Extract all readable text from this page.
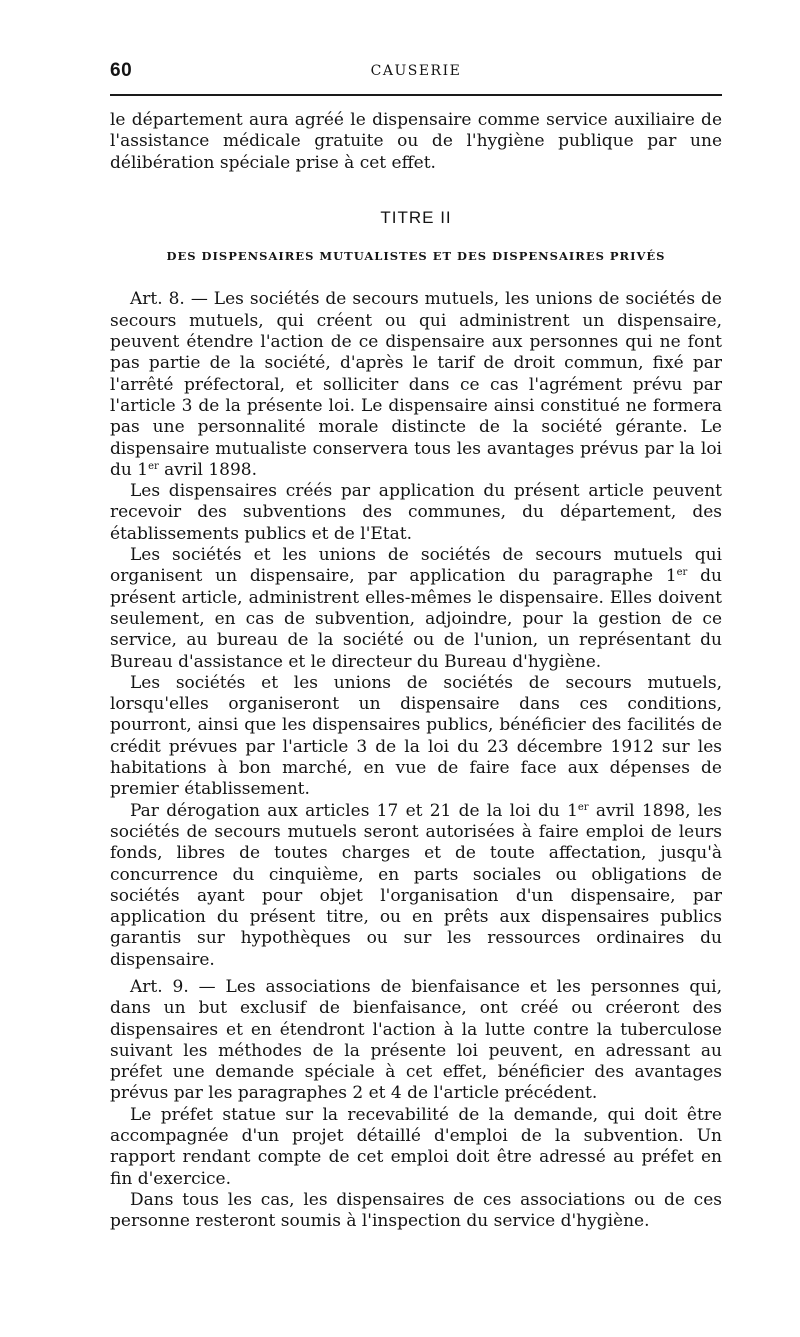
60	CAUSERIE

le département aura agréé le dispensaire comme service auxiliaire de l'assistance médicale gratuite ou de l'hygiène publique par une délibération spéciale prise à cet effet.

TITRE II

DES DISPENSAIRES MUTUALISTES ET DES DISPENSAIRES PRIVÉS

Art. 8. — Les sociétés de secours mutuels, les unions de sociétés de secours mutuels, qui créent ou qui administrent un dispensaire, peuvent étendre l'action de ce dispensaire aux personnes qui ne font pas partie de la société, d'après le tarif de droit commun, fixé par l'arrêté préfectoral, et solliciter dans ce cas l'agrément prévu par l'article 3 de la présente loi. Le dispensaire ainsi constitué ne formera pas une personnalité morale distincte de la société gérante. Le dispensaire mutualiste conservera tous les avantages prévus par la loi du 1er avril 1898.

Les dispensaires créés par application du présent article peuvent recevoir des subventions des communes, du département, des établissements publics et de l'Etat.

Les sociétés et les unions de sociétés de secours mutuels qui organisent un dispensaire, par application du paragraphe 1er du présent article, administrent elles-mêmes le dispensaire. Elles doivent seulement, en cas de subvention, adjoindre, pour la gestion de ce service, au bureau de la société ou de l'union, un représentant du Bureau d'assistance et le directeur du Bureau d'hygiène.

Les sociétés et les unions de sociétés de secours mutuels, lorsqu'elles organiseront un dispensaire dans ces conditions, pourront, ainsi que les dispensaires publics, bénéficier des facilités de crédit prévues par l'article 3 de la loi du 23 décembre 1912 sur les habitations à bon marché, en vue de faire face aux dépenses de premier établissement.

Par dérogation aux articles 17 et 21 de la loi du 1er avril 1898, les sociétés de secours mutuels seront autorisées à faire emploi de leurs fonds, libres de toutes charges et de toute affectation, jusqu'à concurrence du cinquième, en parts sociales ou obligations de sociétés ayant pour objet l'organisation d'un dispensaire, par application du présent titre, ou en prêts aux dispensaires publics garantis sur hypothèques ou sur les ressources ordinaires du dispensaire.

Art. 9. — Les associations de bienfaisance et les personnes qui, dans un but exclusif de bienfaisance, ont créé ou créeront des dispensaires et en étendront l'action à la lutte contre la tuberculose suivant les méthodes de la présente loi peuvent, en adressant au préfet une demande spéciale à cet effet, bénéficier des avantages prévus par les paragraphes 2 et 4 de l'article précédent.

Le préfet statue sur la recevabilité de la demande, qui doit être accompagnée d'un projet détaillé d'emploi de la subvention. Un rapport rendant compte de cet emploi doit être adressé au préfet en fin d'exercice.

Dans tous les cas, les dispensaires de ces associations ou de ces personne resteront soumis à l'inspection du service d'hygiène.
